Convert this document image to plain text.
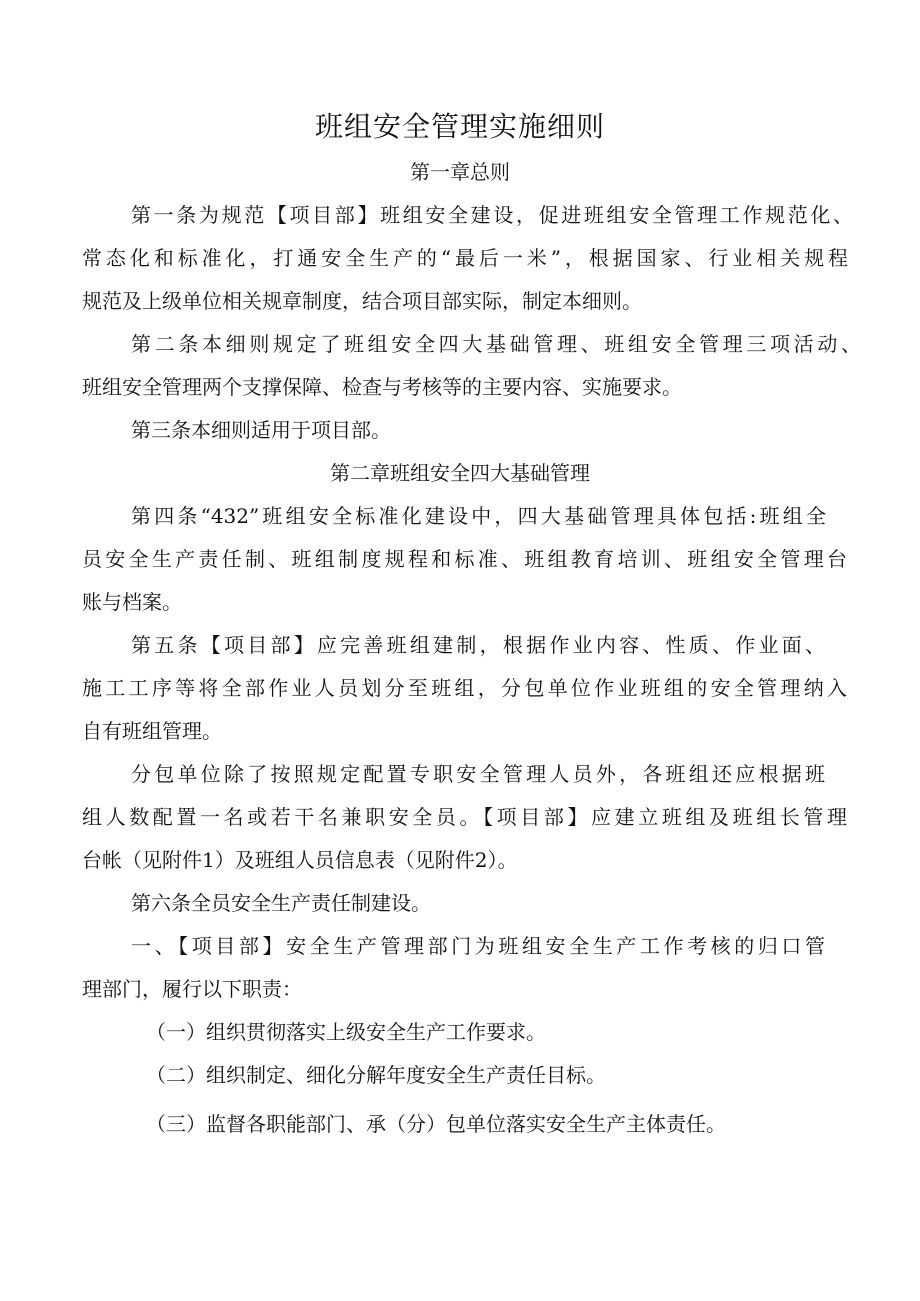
班组安全管理实施细则
第一章总则
第一条为规范【项目部】班组安全建设，促进班组安全管理工作规范化、
常态化和标准化，打通安全生产的“最后一米”，根据国家、行业相关规程
规范及上级单位相关规章制度，结合项目部实际，制定本细则。
第二条本细则规定了班组安全四大基础管理、班组安全管理三项活动、
班组安全管理两个支撑保障、检查与考核等的主要内容、实施要求。
第三条本细则适用于项目部。
第二章班组安全四大基础管理
第四条“432”班组安全标准化建设中，四大基础管理具体包括:班组全
员安全生产责任制、班组制度规程和标准、班组教育培训、班组安全管理台
账与档案。
第五条【项目部】应完善班组建制，根据作业内容、性质、作业面、
施工工序等将全部作业人员划分至班组，分包单位作业班组的安全管理纳入
自有班组管理。
分包单位除了按照规定配置专职安全管理人员外，各班组还应根据班
组人数配置一名或若干名兼职安全员。【项目部】应建立班组及班组长管理
台帐（见附件1）及班组人员信息表（见附件2）。
第六条全员安全生产责任制建设。
一、【项目部】安全生产管理部门为班组安全生产工作考核的归口管
理部门，履行以下职责：
（一）组织贯彻落实上级安全生产工作要求。
（二）组织制定、细化分解年度安全生产责任目标。
（三）监督各职能部门、承（分）包单位落实安全生产主体责任。
